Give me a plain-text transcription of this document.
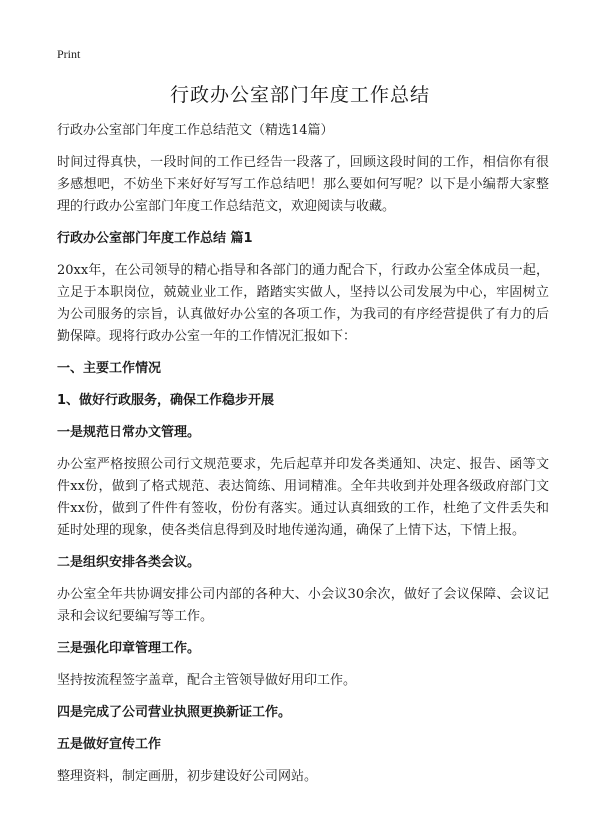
Print
行政办公室部门年度工作总结
行政办公室部门年度工作总结范文（精选14篇）

时间过得真快，一段时间的工作已经告一段落了，回顾这段时间的工作，相信你有很多感想吧，不妨坐下来好好写写工作总结吧！那么要如何写呢？以下是小编帮大家整理的行政办公室部门年度工作总结范文，欢迎阅读与收藏。

行政办公室部门年度工作总结 篇1

20xx年，在公司领导的精心指导和各部门的通力配合下，行政办公室全体成员一起，立足于本职岗位，兢兢业业工作，踏踏实实做人，坚持以公司发展为中心，牢固树立为公司服务的宗旨，认真做好办公室的各项工作，为我司的有序经营提供了有力的后勤保障。现将行政办公室一年的工作情况汇报如下：

一、主要工作情况
1、做好行政服务，确保工作稳步开展
一是规范日常办文管理。

办公室严格按照公司行文规范要求，先后起草并印发各类通知、决定、报告、函等文件xx份，做到了格式规范、表达简练、用词精准。全年共收到并处理各级政府部门文件xx份，做到了件件有签收，份份有落实。通过认真细致的工作，杜绝了文件丢失和延时处理的现象，使各类信息得到及时地传递沟通，确保了上情下达，下情上报。

二是组织安排各类会议。

办公室全年共协调安排公司内部的各种大、小会议30余次，做好了会议保障、会议记录和会议纪要编写等工作。

三是强化印章管理工作。

坚持按流程签字盖章，配合主管领导做好用印工作。

四是完成了公司营业执照更换新证工作。
五是做好宣传工作

整理资料，制定画册，初步建设好公司网站。
